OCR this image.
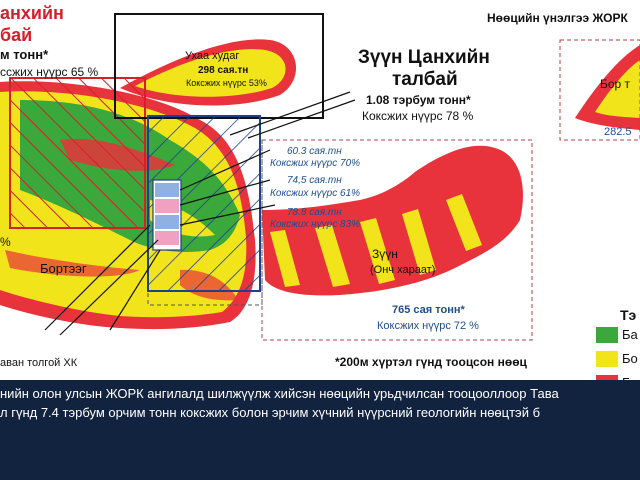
Нөөцийн үнэлгээ ЖОРК
анхийн
бай
м тонн*
ссжих нүүрс 65 %
Ухаа худаг
298 сая.тн
Коксжих нүүрс 53%
Зүүн Цанхийн
талбай
1.08 тэрбум тонн*
Коксжих нүүрс 78 %
60.3 сая.тн
Коксжих нүүрс 70%
74,5 сая.тн
Коксжих нүүрс 61%
78.8 сая.тн
Коксжих нүүрс 83%
Зүүн
(Онч хараат)
765 сая тонн*
Коксжих нүүрс 72 %
Бортээг
Бор т
282.5
%
аван толгой ХК	*200м хүртэл гүнд тооцсон нөөц
Тэ
Ба
Бо
нийн олон улсын ЖОРК ангилалд шилжүүлж хийсэн нөөцийн урьдчилсан тооцооллоор Тава
л гүнд 7.4 тэрбум орчим тонн коксжих болон эрчим хүчний нүүрсний геологийн нөөцтэй б
